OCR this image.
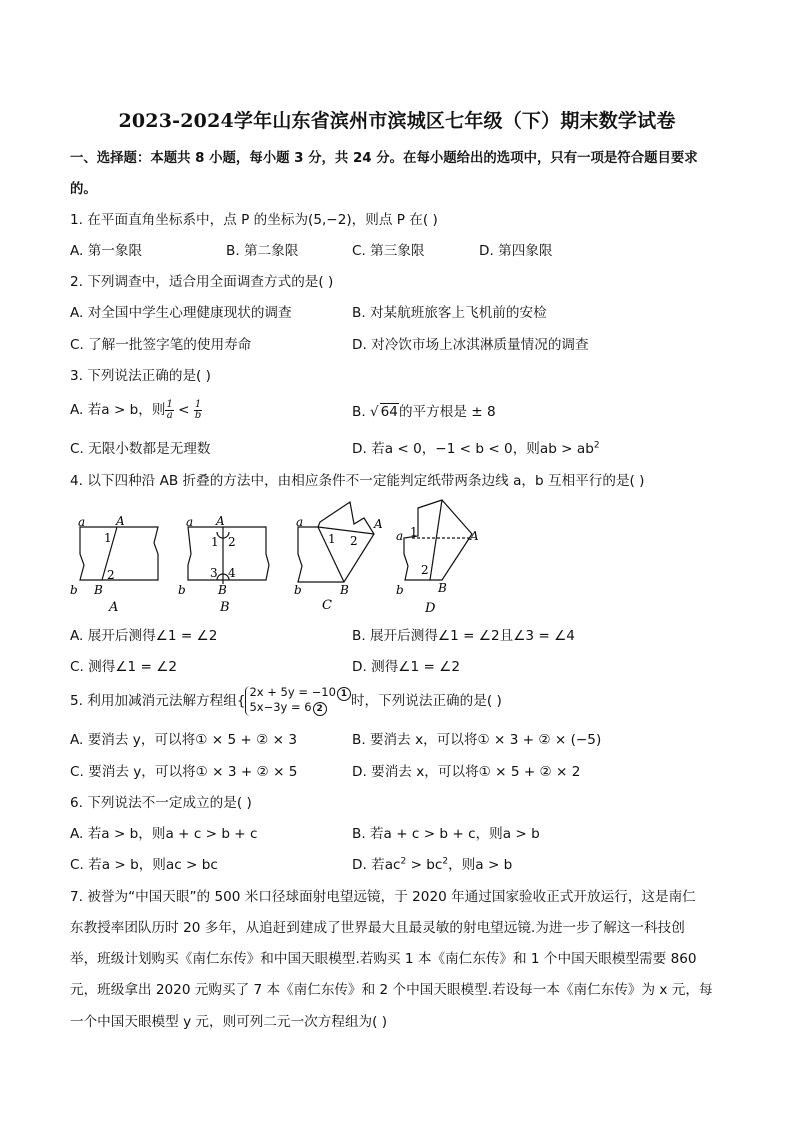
2023-2024学年山东省滨州市滨城区七年级（下）期末数学试卷
一、选择题：本题共 8 小题，每小题 3 分，共 24 分。在每小题给出的选项中，只有一项是符合题目要求
的。
1. 在平面直角坐标系中，点 P 的坐标为(5,−2)，则点 P 在( )
A. 第一象限	B. 第二象限	C. 第三象限	D. 第四象限
2. 下列调查中，适合用全面调查方式的是( )
A. 对全国中学生心理健康现状的调查	B. 对某航班旅客上飞机前的安检
C. 了解一批签字笔的使用寿命	D. 对冷饮市场上冰淇淋质量情况的调查
3. 下列说法正确的是( )
A. 若a > b，则 $\frac{1}{a} < \frac{1}{b}$	B. √ 64的平方根是 ± 8
C. 无限小数都是无理数	D. 若a < 0，−1 < b < 0，则ab > $ab^2$
4. 以下四种沿 AB 折叠的方法中，由相应条件不一定能判定纸带两条边线 a，b 互相平行的是( )
a	A
1
2
b B
A
a A
1 2
3 4
b	B
B
a	A
1 2
b	B
C
a	A
1
2
b	B
D
A. 展开后测得∠1 = ∠2	B. 展开后测得∠1 = ∠2且∠3 = ∠4
C. 测得∠1 = ∠2	D. 测得∠1 = ∠2
5. 利用加减消元法解方程组{
2x + 5y = −10 1
5x−3y = 6 2	时，下列说法正确的是( )
A. 要消去 y，可以将① × 5 + ② × 3	B. 要消去 x，可以将① × 3 + ② × (−5)
C. 要消去 y，可以将① × 3 + ② × 5	D. 要消去 x，可以将① × 5 + ② × 2
6. 下列说法不一定成立的是( )
A. 若a > b，则a + c > b + c	B. 若a + c > b + c，则a > b
C. 若a > b，则ac > bc	D. 若$ac^2 > bc^2$，则a > b
7. 被誉为“中国天眼”的 500 米口径球面射电望远镜，于 2020 年通过国家验收正式开放运行，这是南仁
东教授率团队历时 20 多年，从追赶到建成了世界最大且最灵敏的射电望远镜.为进一步了解这一科技创
举，班级计划购买《南仁东传》和中国天眼模型.若购买 1 本《南仁东传》和 1 个中国天眼模型需要 860
元，班级拿出 2020 元购买了 7 本《南仁东传》和 2 个中国天眼模型.若设每一本《南仁东传》为 x 元，每
一个中国天眼模型 y 元，则可列二元一次方程组为( )
